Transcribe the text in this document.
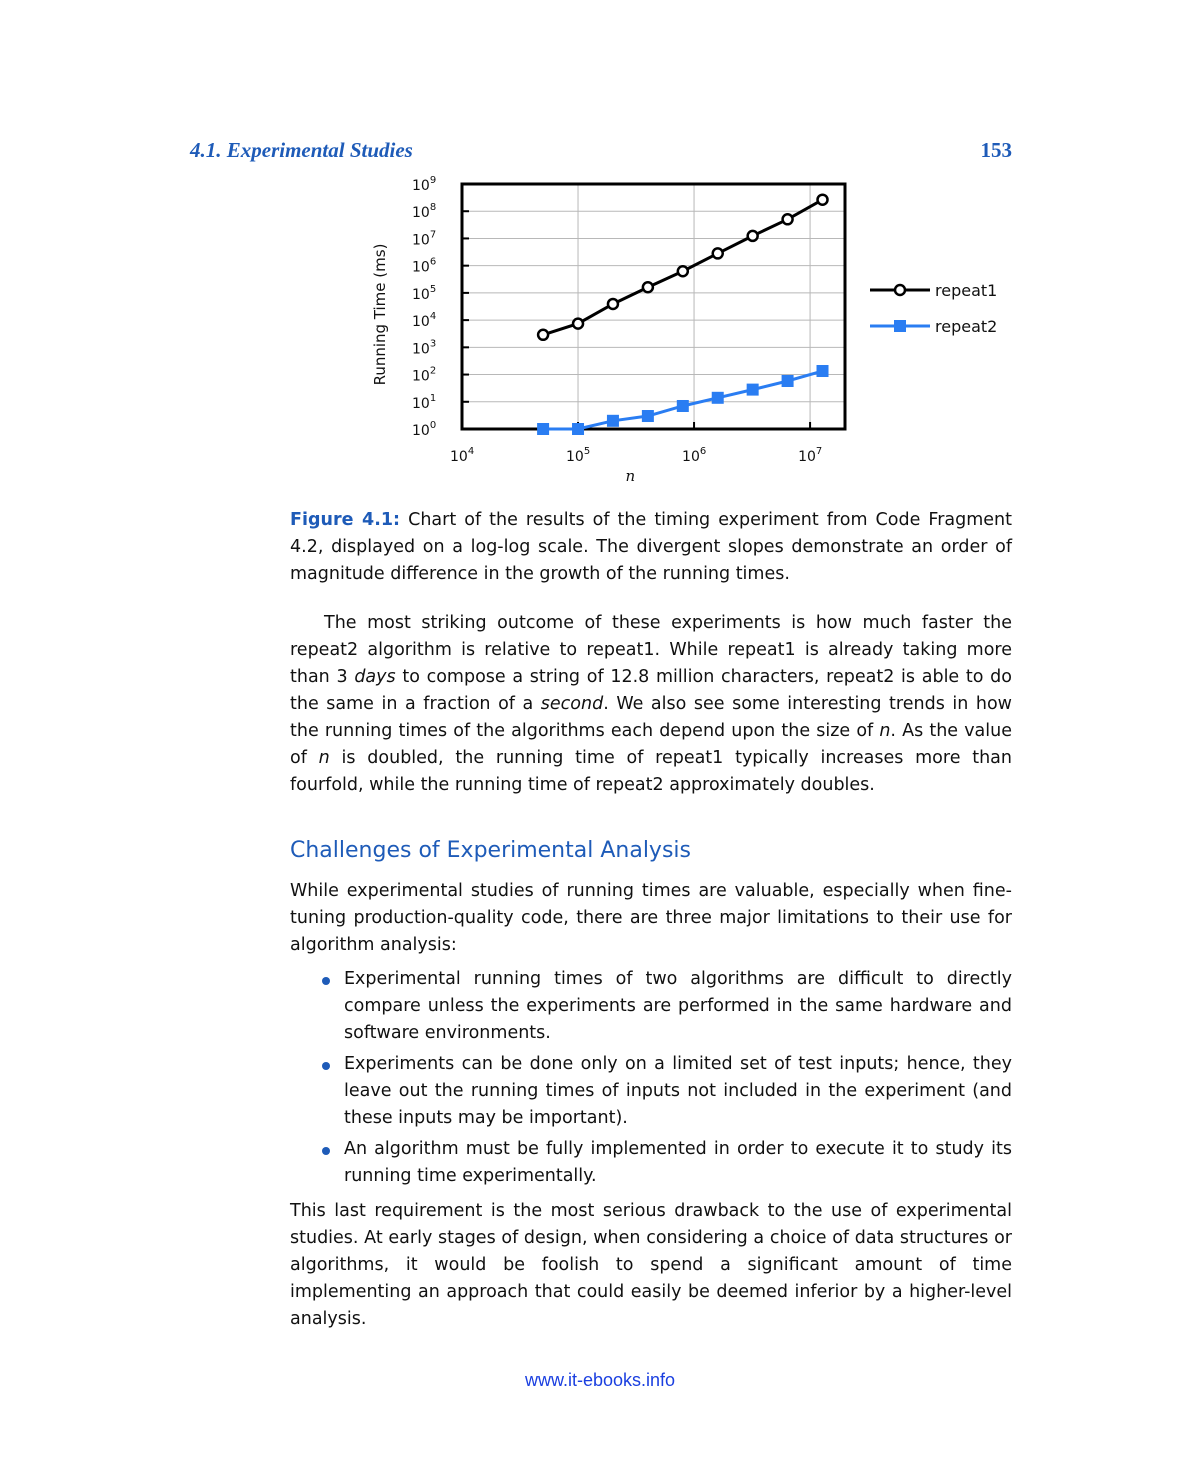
4.1. Experimental Studies	153
$10^0$
$10^1$
$10^2$
$10^3$
$10^4$
$10^5$
$10^6$
$10^7$
$10^8$
$10^9$
$10^4$	$10^5$	$10^6$	$10^7$
n
Running Time (ms)	repeat1
repeat2
Figure 4.1: Chart of the results of the timing experiment from Code Fragment 4.2, displayed on a log-log scale. The divergent slopes demonstrate an order of magnitude difference in the growth of the running times.

The most striking outcome of these experiments is how much faster the repeat2 algorithm is relative to repeat1. While repeat1 is already taking more than 3 days to compose a string of 12.8 million characters, repeat2 is able to do the same in a fraction of a second. We also see some interesting trends in how the running times of the algorithms each depend upon the size of n. As the value of n is doubled, the running time of repeat1 typically increases more than fourfold, while the running time of repeat2 approximately doubles.

Challenges of Experimental Analysis

While experimental studies of running times are valuable, especially when fine-tuning production-quality code, there are three major limitations to their use for algorithm analysis:

Experimental running times of two algorithms are difficult to directly compare unless the experiments are performed in the same hardware and software environments.
Experiments can be done only on a limited set of test inputs; hence, they leave out the running times of inputs not included in the experiment (and these inputs may be important).
An algorithm must be fully implemented in order to execute it to study its running time experimentally.

This last requirement is the most serious drawback to the use of experimental studies. At early stages of design, when considering a choice of data structures or algorithms, it would be foolish to spend a significant amount of time implementing an approach that could easily be deemed inferior by a higher-level analysis.

www.it-ebooks.info
